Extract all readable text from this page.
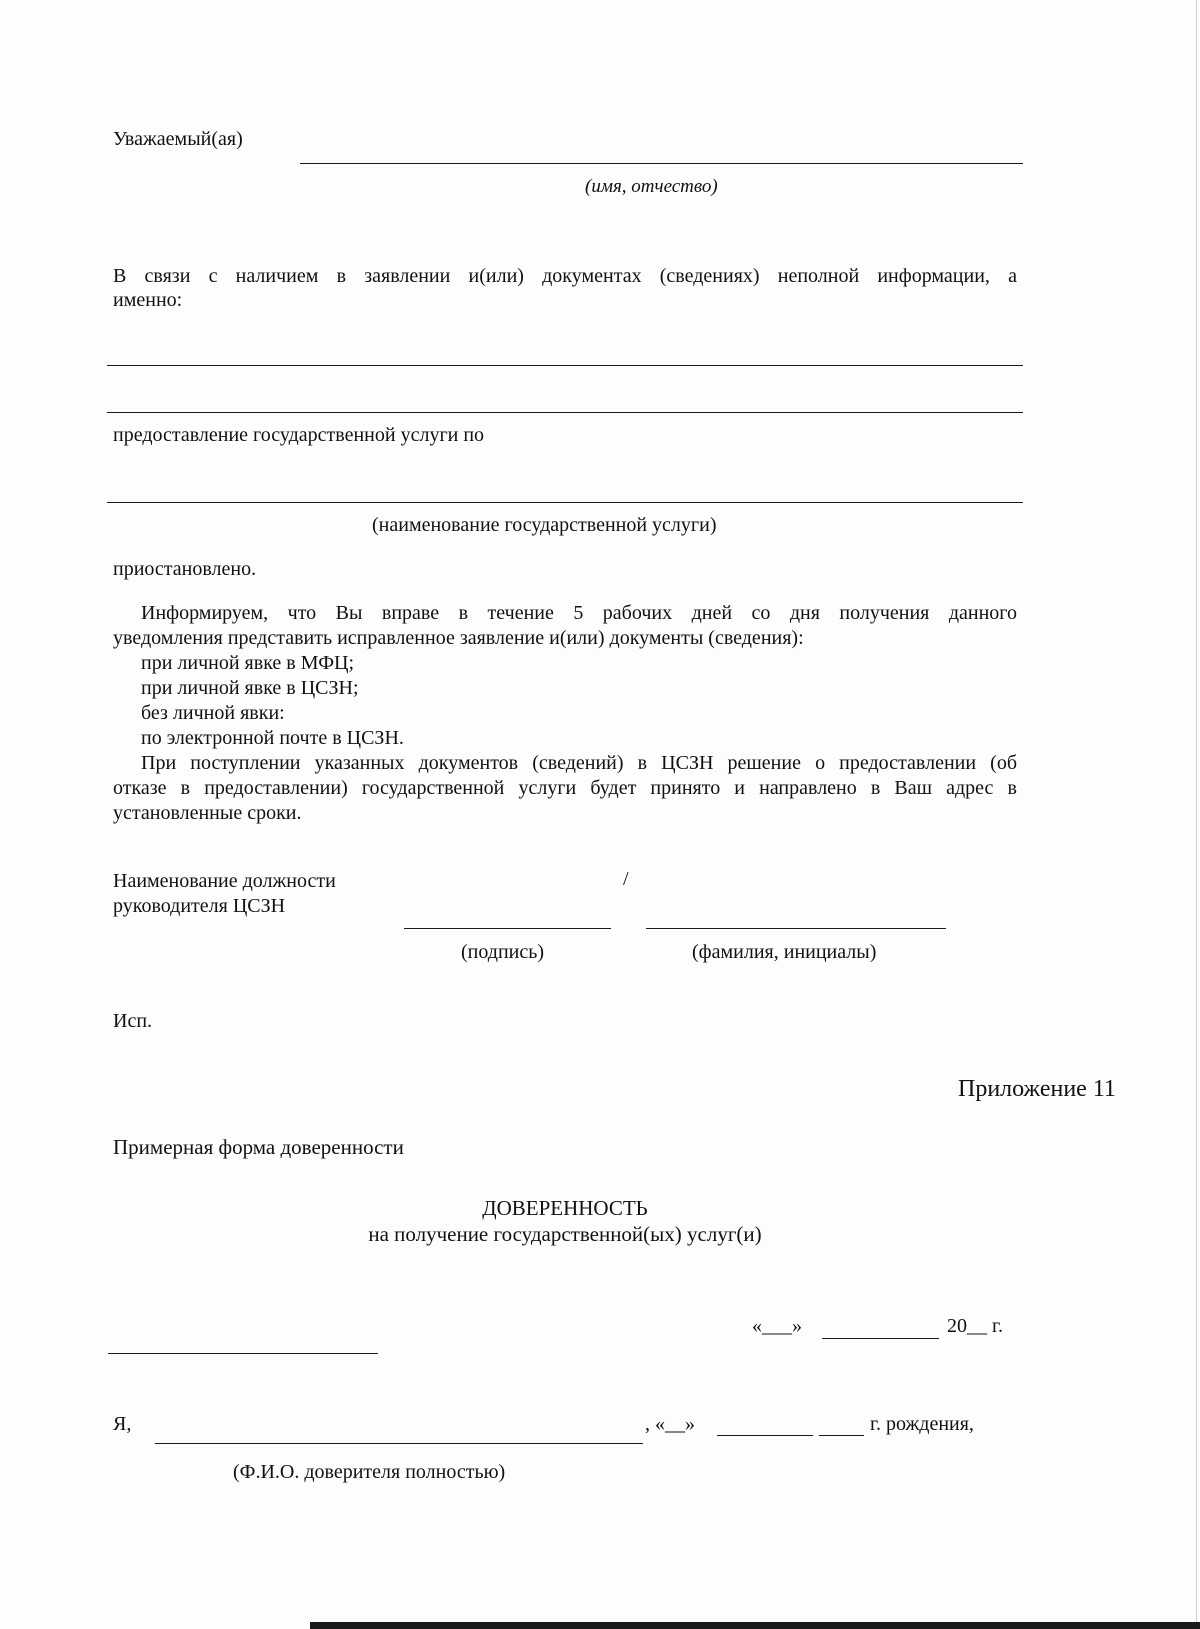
Уважаемый(ая)
(имя, отчество)
В связи с наличием в заявлении и(или) документах (сведениях) неполной информации, а
именно:
предоставление государственной услуги по
(наименование государственной услуги)
приостановлено.
Информируем, что Вы вправе в течение 5 рабочих дней со дня получения данного
уведомления представить исправленное заявление и(или) документы (сведения):
при личной явке в МФЦ;
при личной явке в ЦСЗН;
без личной явки:
по электронной почте в ЦСЗН.
При поступлении указанных документов (сведений) в ЦСЗН решение о предоставлении (об
отказе в предоставлении) государственной услуги будет принято и направлено в Ваш адрес в
установленные сроки.
Наименование должности
руководителя ЦСЗН
/
(подпись)	(фамилия, инициалы)
Исп.
Приложение 11
Примерная форма доверенности
ДОВЕРЕННОСТЬ
на получение государственной(ых) услуг(и)
«___»	20__ г.
Я,	, «__»	г. рождения,
(Ф.И.О. доверителя полностью)
